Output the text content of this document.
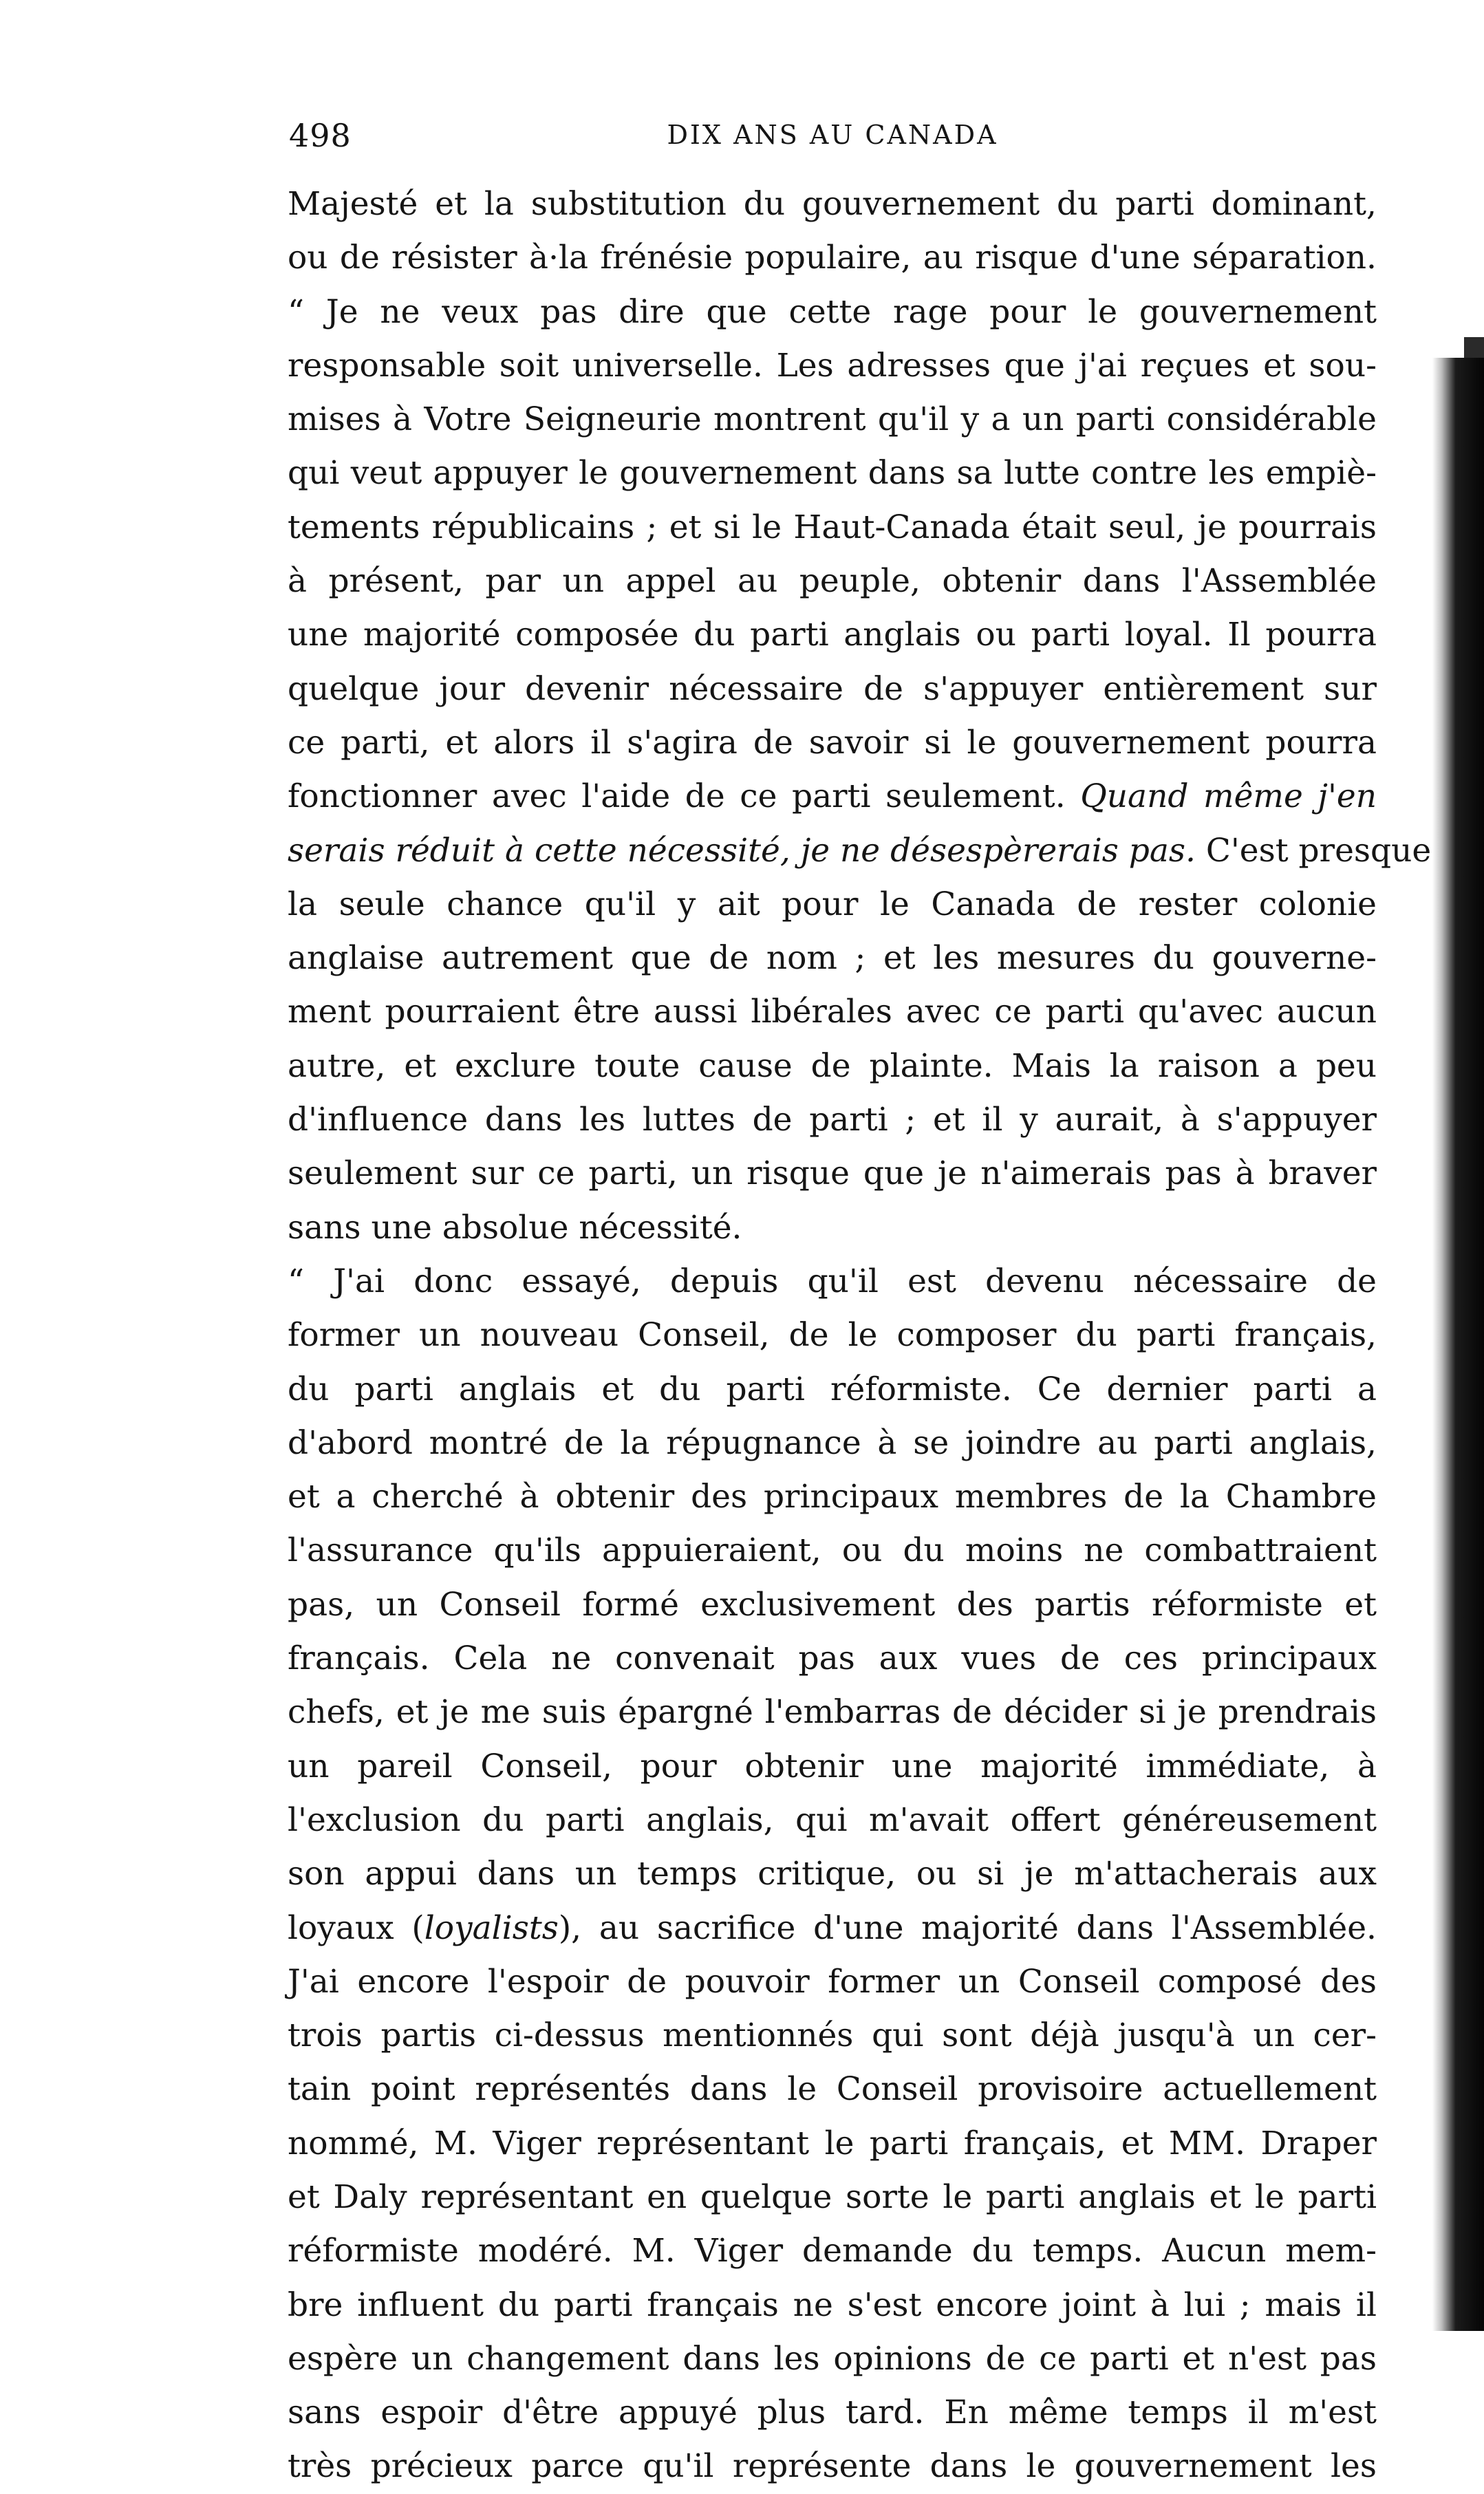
498	DIX ANS AU CANADA
Majesté et la substitution du gouvernement du parti dominant,
ou de résister à·la frénésie populaire, au risque d'une séparation.
“ Je ne veux pas dire que cette rage pour le gouvernement
responsable soit universelle. Les adresses que j'ai reçues et sou-
mises à Votre Seigneurie montrent qu'il y a un parti considérable
qui veut appuyer le gouvernement dans sa lutte contre les empiè-
tements républicains ; et si le Haut-Canada était seul, je pourrais
à présent, par un appel au peuple, obtenir dans l'Assemblée
une majorité composée du parti anglais ou parti loyal. Il pourra
quelque jour devenir nécessaire de s'appuyer entièrement sur
ce parti, et alors il s'agira de savoir si le gouvernement pourra
fonctionner avec l'aide de ce parti seulement. Quand même j'en
serais réduit à cette nécessité, je ne désespèrerais pas. C'est presque
la seule chance qu'il y ait pour le Canada de rester colonie
anglaise autrement que de nom ; et les mesures du gouverne-
ment pourraient être aussi libérales avec ce parti qu'avec aucun
autre, et exclure toute cause de plainte. Mais la raison a peu
d'influence dans les luttes de parti ; et il y aurait, à s'appuyer
seulement sur ce parti, un risque que je n'aimerais pas à braver
sans une absolue nécessité.
“ J'ai donc essayé, depuis qu'il est devenu nécessaire de
former un nouveau Conseil, de le composer du parti français,
du parti anglais et du parti réformiste. Ce dernier parti a
d'abord montré de la répugnance à se joindre au parti anglais,
et a cherché à obtenir des principaux membres de la Chambre
l'assurance qu'ils appuieraient, ou du moins ne combattraient
pas, un Conseil formé exclusivement des partis réformiste et
français. Cela ne convenait pas aux vues de ces principaux
chefs, et je me suis épargné l'embarras de décider si je prendrais
un pareil Conseil, pour obtenir une majorité immédiate, à
l'exclusion du parti anglais, qui m'avait offert généreusement
son appui dans un temps critique, ou si je m'attacherais aux
loyaux (loyalists), au sacrifice d'une majorité dans l'Assemblée.
J'ai encore l'espoir de pouvoir former un Conseil composé des
trois partis ci-dessus mentionnés qui sont déjà jusqu'à un cer-
tain point représentés dans le Conseil provisoire actuellement
nommé, M. Viger représentant le parti français, et MM. Draper
et Daly représentant en quelque sorte le parti anglais et le parti
réformiste modéré. M. Viger demande du temps. Aucun mem-
bre influent du parti français ne s'est encore joint à lui ; mais il
espère un changement dans les opinions de ce parti et n'est pas
sans espoir d'être appuyé plus tard. En même temps il m'est
très précieux parce qu'il représente dans le gouvernement les
